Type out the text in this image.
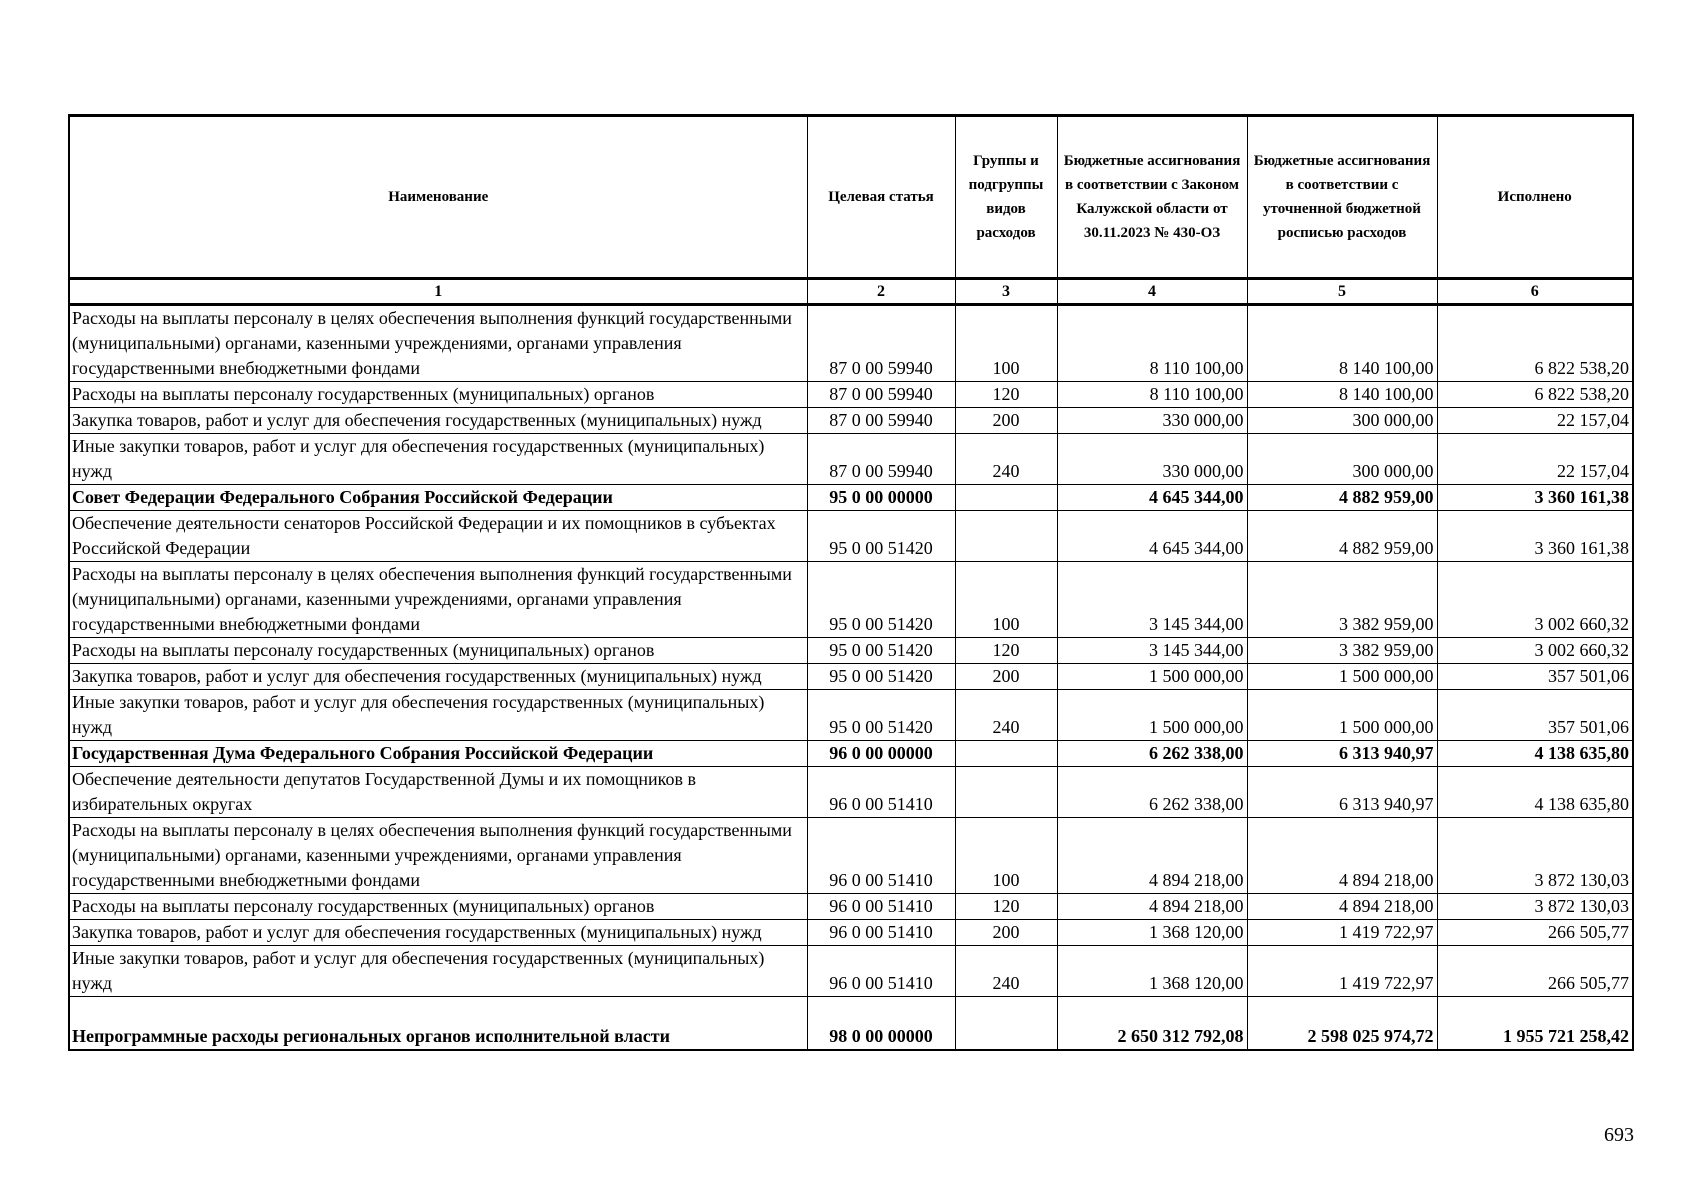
Наименование	Целевая статья	Группы и подгруппы видов расходов	Бюджетные ассигнования в соответствии с Законом Калужской области от 30.11.2023 № 430-ОЗ	Бюджетные ассигнования в соответствии с уточненной бюджетной росписью расходов	Исполнено
1	2	3	4	5	6
Расходы на выплаты персоналу в целях обеспечения выполнения функций государственными (муниципальными) органами, казенными учреждениями, органами управления государственными внебюджетными фондами	87 0 00 59940	100	8 110 100,00	8 140 100,00	6 822 538,20
Расходы на выплаты персоналу государственных (муниципальных) органов	87 0 00 59940	120	8 110 100,00	8 140 100,00	6 822 538,20
Закупка товаров, работ и услуг для обеспечения государственных (муниципальных) нужд	87 0 00 59940	200	330 000,00	300 000,00	22 157,04
Иные закупки товаров, работ и услуг для обеспечения государственных (муниципальных) нужд	87 0 00 59940	240	330 000,00	300 000,00	22 157,04
Совет Федерации Федерального Собрания Российской Федерации	95 0 00 00000		4 645 344,00	4 882 959,00	3 360 161,38
Обеспечение деятельности сенаторов Российской Федерации и их помощников в субъектах Российской Федерации	95 0 00 51420		4 645 344,00	4 882 959,00	3 360 161,38
Расходы на выплаты персоналу в целях обеспечения выполнения функций государственными (муниципальными) органами, казенными учреждениями, органами управления государственными внебюджетными фондами	95 0 00 51420	100	3 145 344,00	3 382 959,00	3 002 660,32
Расходы на выплаты персоналу государственных (муниципальных) органов	95 0 00 51420	120	3 145 344,00	3 382 959,00	3 002 660,32
Закупка товаров, работ и услуг для обеспечения государственных (муниципальных) нужд	95 0 00 51420	200	1 500 000,00	1 500 000,00	357 501,06
Иные закупки товаров, работ и услуг для обеспечения государственных (муниципальных) нужд	95 0 00 51420	240	1 500 000,00	1 500 000,00	357 501,06
Государственная Дума Федерального Собрания Российской Федерации	96 0 00 00000		6 262 338,00	6 313 940,97	4 138 635,80
Обеспечение деятельности депутатов Государственной Думы и их помощников в избирательных округах	96 0 00 51410		6 262 338,00	6 313 940,97	4 138 635,80
Расходы на выплаты персоналу в целях обеспечения выполнения функций государственными (муниципальными) органами, казенными учреждениями, органами управления государственными внебюджетными фондами	96 0 00 51410	100	4 894 218,00	4 894 218,00	3 872 130,03
Расходы на выплаты персоналу государственных (муниципальных) органов	96 0 00 51410	120	4 894 218,00	4 894 218,00	3 872 130,03
Закупка товаров, работ и услуг для обеспечения государственных (муниципальных) нужд	96 0 00 51410	200	1 368 120,00	1 419 722,97	266 505,77
Иные закупки товаров, работ и услуг для обеспечения государственных (муниципальных) нужд	96 0 00 51410	240	1 368 120,00	1 419 722,97	266 505,77
Непрограммные расходы региональных органов исполнительной власти	98 0 00 00000		2 650 312 792,08	2 598 025 974,72	1 955 721 258,42
693
